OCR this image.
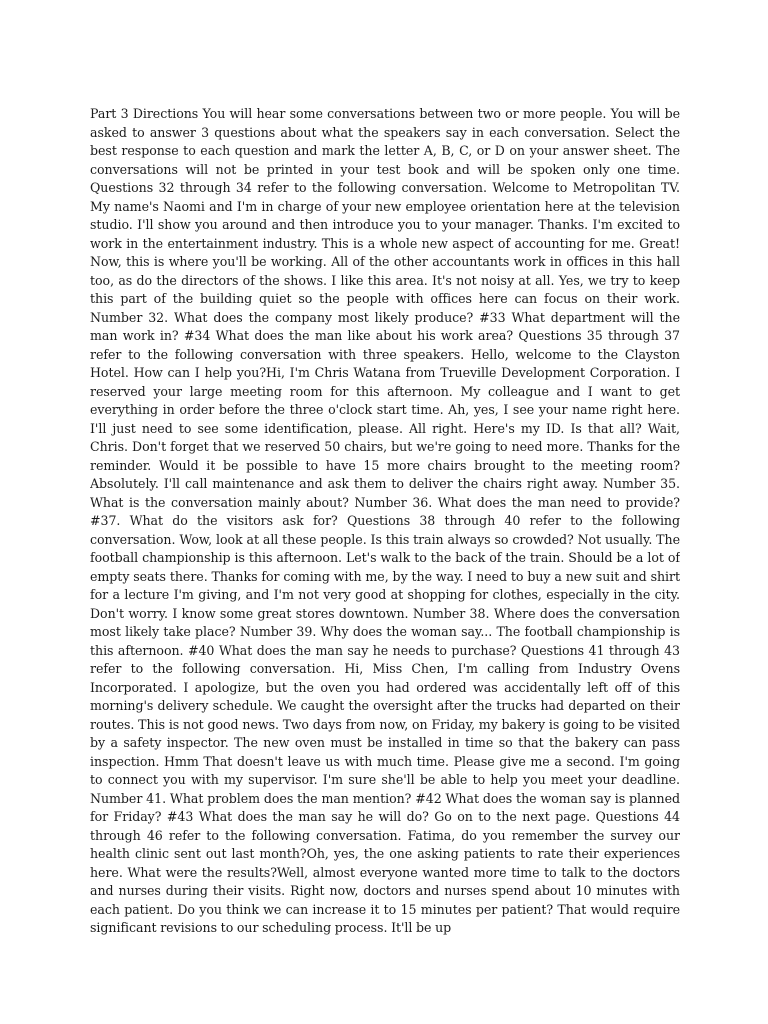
Part 3 Directions You will hear some conversations between two or more people. You will be asked to answer 3 questions about what the speakers say in each conversation. Select the best response to each question and mark the letter A, B, C, or D on your answer sheet. The conversations will not be printed in your test book and will be spoken only one time. Questions 32 through 34 refer to the following conversation. Welcome to Metropolitan TV. My name's Naomi and I'm in charge of your new employee orientation here at the television studio. I'll show you around and then introduce you to your manager. Thanks. I'm excited to work in the entertainment industry. This is a whole new aspect of accounting for me. Great! Now, this is where you'll be working. All of the other accountants work in offices in this hall too, as do the directors of the shows. I like this area. It's not noisy at all. Yes, we try to keep this part of the building quiet so the people with offices here can focus on their work. Number 32. What does the company most likely produce? #33 What department will the man work in? #34 What does the man like about his work area? Questions 35 through 37 refer to the following conversation with three speakers. Hello, welcome to the Clayston Hotel. How can I help you?Hi, I'm Chris Watana from Trueville Development Corporation. I reserved your large meeting room for this afternoon. My colleague and I want to get everything in order before the three o'clock start time. Ah, yes, I see your name right here. I'll just need to see some identification, please. All right. Here's my ID. Is that all? Wait, Chris. Don't forget that we reserved 50 chairs, but we're going to need more. Thanks for the reminder. Would it be possible to have 15 more chairs brought to the meeting room?Absolutely. I'll call maintenance and ask them to deliver the chairs right away. Number 35. What is the conversation mainly about? Number 36. What does the man need to provide? #37. What do the visitors ask for? Questions 38 through 40 refer to the following conversation. Wow, look at all these people. Is this train always so crowded? Not usually. The football championship is this afternoon. Let's walk to the back of the train. Should be a lot of empty seats there. Thanks for coming with me, by the way. I need to buy a new suit and shirt for a lecture I'm giving, and I'm not very good at shopping for clothes, especially in the city. Don't worry. I know some great stores downtown. Number 38. Where does the conversation most likely take place? Number 39. Why does the woman say... The football championship is this afternoon. #40 What does the man say he needs to purchase? Questions 41 through 43 refer to the following conversation. Hi, Miss Chen, I'm calling from Industry Ovens Incorporated. I apologize, but the oven you had ordered was accidentally left off of this morning's delivery schedule. We caught the oversight after the trucks had departed on their routes. This is not good news. Two days from now, on Friday, my bakery is going to be visited by a safety inspector. The new oven must be installed in time so that the bakery can pass inspection. Hmm That doesn't leave us with much time. Please give me a second. I'm going to connect you with my supervisor. I'm sure she'll be able to help you meet your deadline. Number 41. What problem does the man mention? #42 What does the woman say is planned for Friday? #43 What does the man say he will do? Go on to the next page. Questions 44 through 46 refer to the following conversation. Fatima, do you remember the survey our health clinic sent out last month?Oh, yes, the one asking patients to rate their experiences here. What were the results?Well, almost everyone wanted more time to talk to the doctors and nurses during their visits. Right now, doctors and nurses spend about 10 minutes with each patient. Do you think we can increase it to 15 minutes per patient? That would require significant revisions to our scheduling process. It'll be up
